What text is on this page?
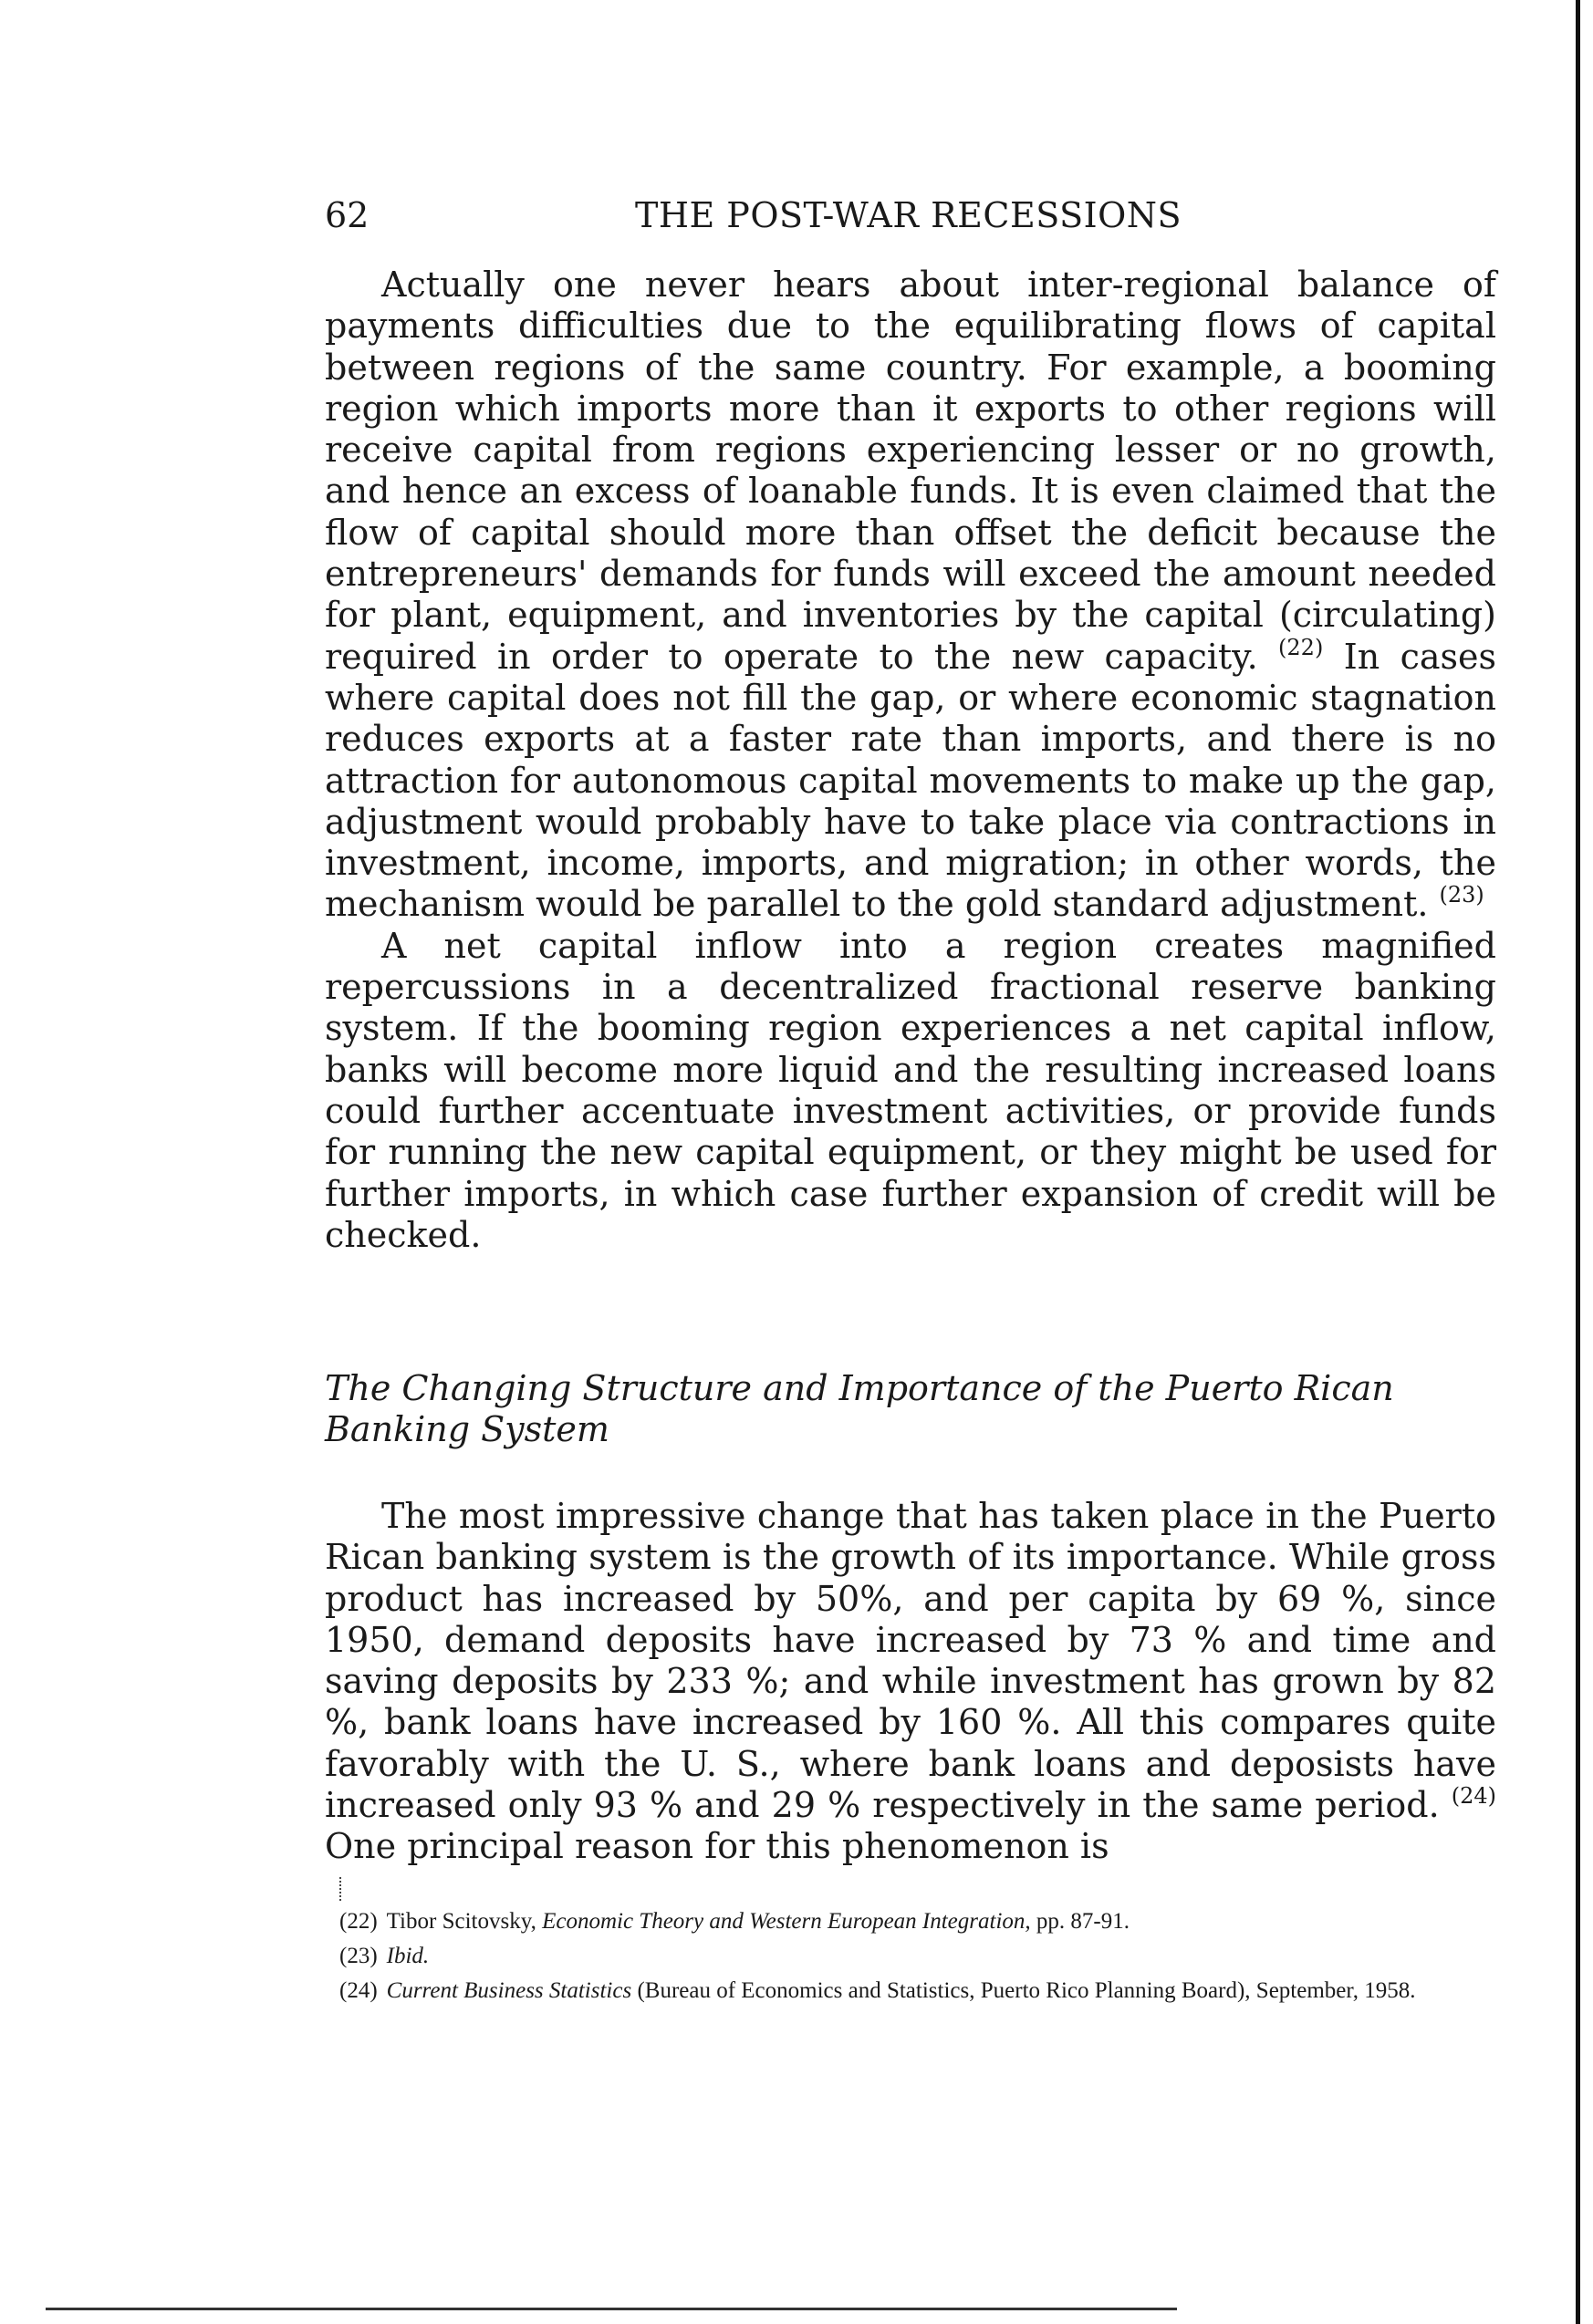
62	THE POST-WAR RECESSIONS

Actually one never hears about inter-regional balance of payments difficulties due to the equilibrating flows of capital between regions of the same country. For example, a booming region which imports more than it exports to other regions will receive capital from regions experiencing lesser or no growth, and hence an excess of loanable funds. It is even claimed that the flow of capital should more than offset the deficit because the entrepreneurs' demands for funds will exceed the amount needed for plant, equipment, and inventories by the capital (circulating) required in order to operate to the new capacity. $^{(22)}$ In cases where capital does not fill the gap, or where economic stagnation reduces exports at a faster rate than imports, and there is no attraction for autonomous capital movements to make up the gap, adjustment would probably have to take place via contractions in investment, income, imports, and migration; in other words, the mechanism would be parallel to the gold standard adjustment. $^{(23)}$

A net capital inflow into a region creates magnified repercussions in a decentralized fractional reserve banking system. If the booming region experiences a net capital inflow, banks will become more liquid and the resulting increased loans could further accentuate investment activities, or provide funds for running the new capital equipment, or they might be used for further imports, in which case further expansion of credit will be checked.

The Changing Structure and Importance of the Puerto Rican Banking System

The most impressive change that has taken place in the Puerto Rican banking system is the growth of its importance. While gross product has increased by 50%, and per capita by 69 %, since 1950, demand deposits have increased by 73 % and time and saving deposits by 233 %; and while investment has grown by 82 %, bank loans have increased by 160 %. All this compares quite favorably with the U. S., where bank loans and deposists have increased only 93 % and 29 % respectively in the same period. $^{(24)}$ One principal reason for this phenomenon is

(22) Tibor Scitovsky, Economic Theory and Western European Integration, pp. 87-91.

(23) Ibid.

(24) Current Business Statistics (Bureau of Economics and Statistics, Puerto Rico Planning Board), September, 1958.
